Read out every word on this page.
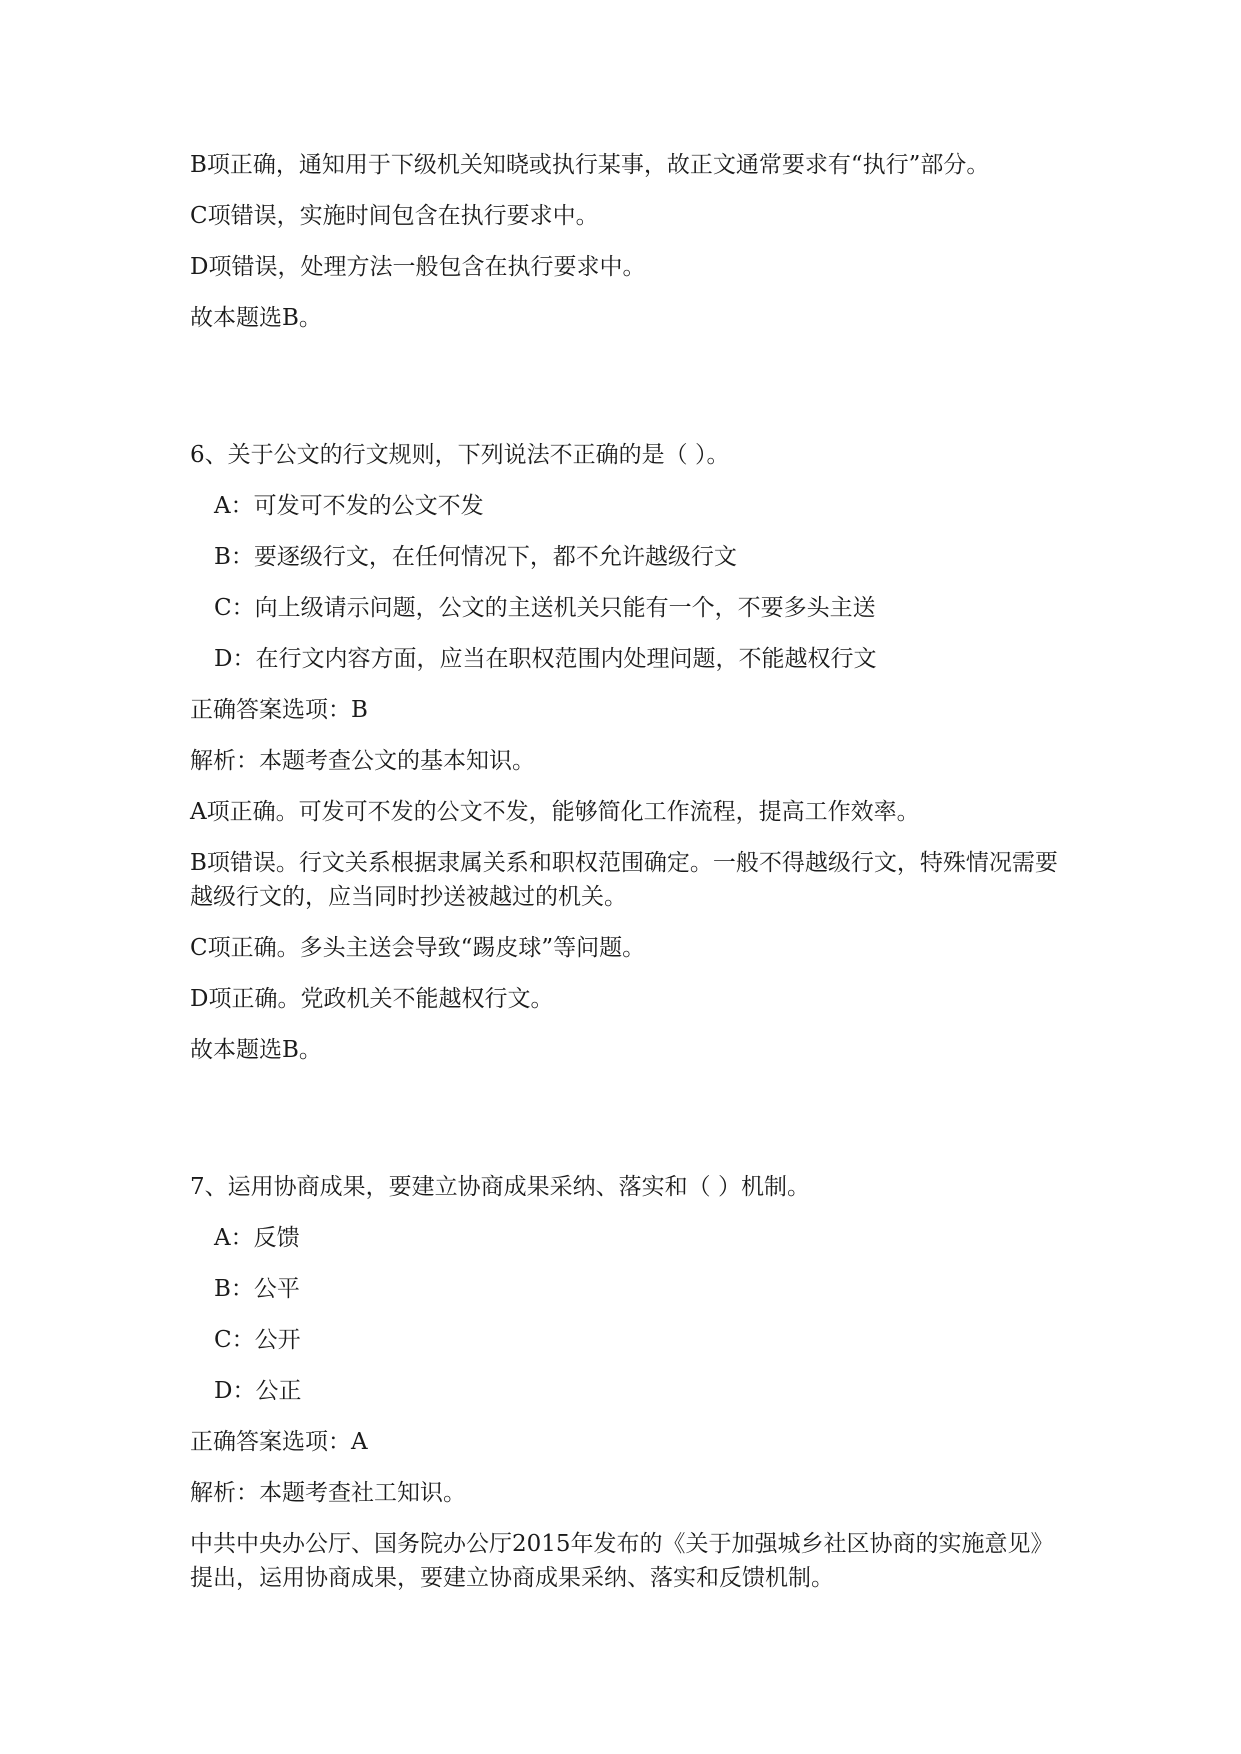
B项正确，通知用于下级机关知晓或执行某事，故正文通常要求有“执行”部分。

C项错误，实施时间包含在执行要求中。

D项错误，处理方法一般包含在执行要求中。

故本题选B。

6、关于公文的行文规则，下列说法不正确的是（ ）。

A：可发可不发的公文不发

B：要逐级行文，在任何情况下，都不允许越级行文

C：向上级请示问题，公文的主送机关只能有一个，不要多头主送

D：在行文内容方面，应当在职权范围内处理问题，不能越权行文

正确答案选项：B

解析：本题考查公文的基本知识。

A项正确。可发可不发的公文不发，能够简化工作流程，提高工作效率。

B项错误。行文关系根据隶属关系和职权范围确定。一般不得越级行文，特殊情况需要越级行文的，应当同时抄送被越过的机关。

C项正确。多头主送会导致“踢皮球”等问题。

D项正确。党政机关不能越权行文。

故本题选B。

7、运用协商成果，要建立协商成果采纳、落实和（ ）机制。

A：反馈

B：公平

C：公开

D：公正

正确答案选项：A

解析：本题考查社工知识。

中共中央办公厅、国务院办公厅2015年发布的《关于加强城乡社区协商的实施意见》提出，运用协商成果，要建立协商成果采纳、落实和反馈机制。
